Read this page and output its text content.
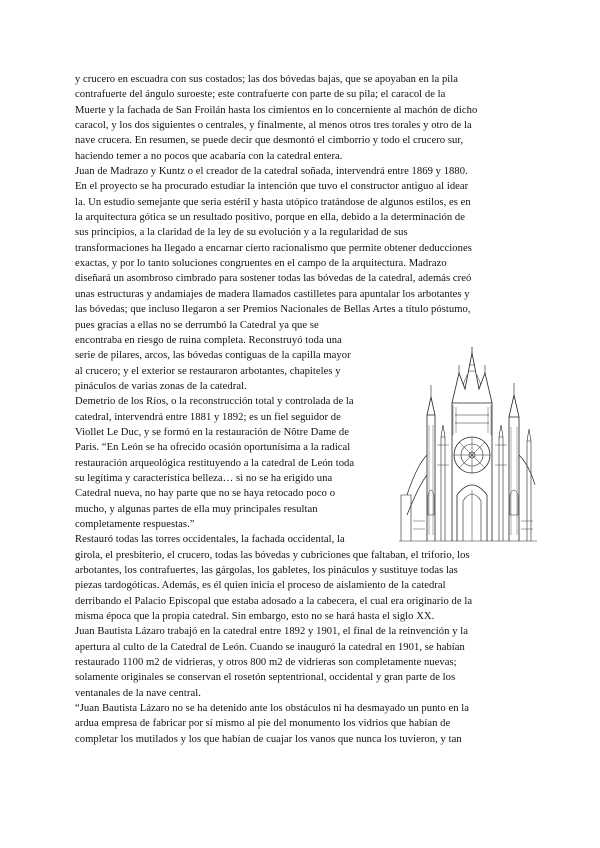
y crucero en escuadra con sus costados; las dos bóvedas bajas, que se apoyaban en la pila
contrafuerte del ángulo suroeste; este contrafuerte con parte de su pila; el caracol de la
Muerte y la fachada de San Froilán hasta los cimientos en lo concerniente al machón de dicho
caracol, y los dos siguientes o centrales, y finalmente, al menos otros tres torales y otro de la
nave crucera. En resumen, se puede decir que desmontó el cimborrio y todo el crucero sur,
haciendo temer a no pocos que acabaría con la catedral entera.
Juan de Madrazo y Kuntz o el creador de la catedral soñada, intervendrá entre 1869 y 1880.
En el proyecto se ha procurado estudiar la intención que tuvo el constructor antiguo al idear
la. Un estudio semejante que sería estéril y hasta utópico tratándose de algunos estilos, es en
la arquitectura gótica se un resultado positivo, porque en ella, debido a la determinación de
sus principios, a la claridad de la ley de su evolución y a la regularidad de sus
transformaciones ha llegado a encarnar cierto racionalismo que permite obtener deducciones
exactas, y por lo tanto soluciones congruentes en el campo de la arquitectura. Madrazo
diseñará un asombroso cimbrado para sostener todas las bóvedas de la catedral, además creó
unas estructuras y andamiajes de madera llamados castilletes para apuntalar los arbotantes y
las bóvedas; que incluso llegaron a ser Premios Nacionales de Bellas Artes a título póstumo,
pues gracias a ellas no se derrumbó la Catedral ya que se
encontraba en riesgo de ruina completa. Reconstruyó toda una
serie de pilares, arcos, las bóvedas contiguas de la capilla mayor
al crucero; y el exterior se restauraron arbotantes, chapiteles y
pináculos de varias zonas de la catedral.
Demetrio de los Ríos, o la reconstrucción total y controlada de la
catedral, intervendrá entre 1881 y 1892; es un fiel seguidor de
Viollet Le Duc, y se formó en la restauración de Nôtre Dame de
Paris. “En León se ha ofrecido ocasión oportunísima a la radical
restauración arqueológica restituyendo a la catedral de León toda
su legítima y característica belleza… si no se ha erigido una
Catedral nueva, no hay parte que no se haya retocado poco o
mucho, y algunas partes de ella muy principales resultan
completamente respuestas.”
Restauró todas las torres occidentales, la fachada occidental, la
girola, el presbiterio, el crucero, todas las bóvedas y cubriciones que faltaban, el triforio, los
arbotantes, los contrafuertes, las gárgolas, los gabletes, los pináculos y sustituye todas las
piezas tardogóticas. Además, es él quien inicia el proceso de aislamiento de la catedral
derribando el Palacio Episcopal que estaba adosado a la cabecera, el cual era originario de la
misma época que la propia catedral. Sin embargo, esto no se hará hasta el siglo XX.
Juan Bautista Lázaro trabajó en la catedral entre 1892 y 1901, el final de la reinvención y la
apertura al culto de la Catedral de León. Cuando se inauguró la catedral en 1901, se habían
restaurado 1100 m2 de vidrieras, y otros 800 m2 de vidrieras son completamente nuevas;
solamente originales se conservan el rosetón septentrional, occidental y gran parte de los
ventanales de la nave central.
“Juan Bautista Lázaro no se ha detenido ante los obstáculos ni ha desmayado un punto en la
ardua empresa de fabricar por sí mismo al pie del monumento los vidrios que habían de
completar los mutilados y los que habían de cuajar los vanos que nunca los tuvieron, y tan
